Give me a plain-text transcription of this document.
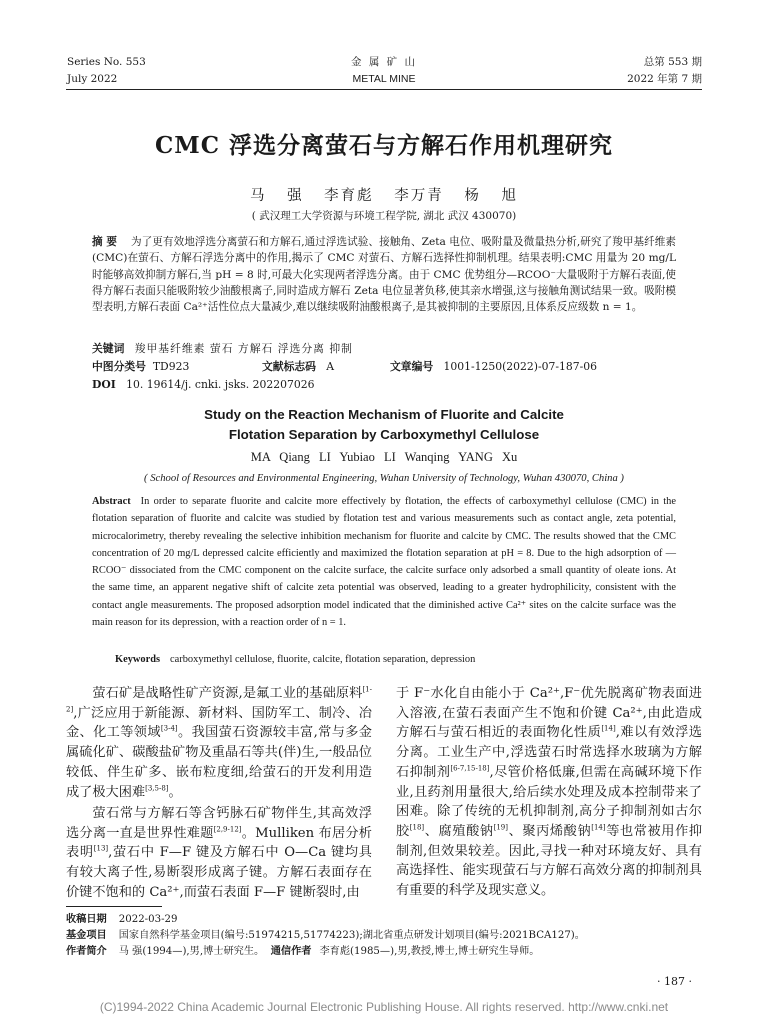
Series No. 553
July 2022
金 属 矿 山
METAL MINE
总第 553 期
2022 年第 7 期
CMC 浮选分离萤石与方解石作用机理研究
马 强 李育彪 李万青 杨 旭
( 武汉理工大学资源与环境工程学院, 湖北 武汉 430070)
摘 要 为了更有效地浮选分离萤石和方解石,通过浮选试验、接触角、Zeta 电位、吸附量及微量热分析,研究了羧甲基纤维素(CMC)在萤石、方解石浮选分离中的作用,揭示了 CMC 对萤石、方解石选择性抑制机理。结果表明:CMC 用量为 20 mg/L 时能够高效抑制方解石,当 pH = 8 时,可最大化实现两者浮选分离。由于 CMC 优势组分—RCOO⁻大量吸附于方解石表面,使得方解石表面只能吸附较少油酸根离子,同时造成方解石 Zeta 电位显著负移,使其亲水增强,这与接触角测试结果一致。吸附模型表明,方解石表面 Ca²⁺活性位点大量减少,难以继续吸附油酸根离子,是其被抑制的主要原因,且体系反应级数 n = 1。
关键词 羧甲基纤维素 萤石 方解石 浮选分离 抑制
中图分类号 TD923	文献标志码 A	文章编号 1001-1250(2022)-07-187-06
DOI 10. 19614/j. cnki. jsks. 202207026
Study on the Reaction Mechanism of Fluorite and Calcite Flotation Separation by Carboxymethyl Cellulose
MA Qiang LI Yubiao LI Wanqing YANG Xu
( School of Resources and Environmental Engineering, Wuhan University of Technology, Wuhan 430070, China )
Abstract In order to separate fluorite and calcite more effectively by flotation, the effects of carboxymethyl cellulose (CMC) in the flotation separation of fluorite and calcite was studied by flotation test and various measurements such as contact angle, zeta potential, microcalorimetry, thereby revealing the selective inhibition mechanism for fluorite and calcite by CMC. The results showed that the CMC concentration of 20 mg/L depressed calcite efficiently and maximized the flotation separation at pH = 8. Due to the high adsorption of —RCOO⁻ dissociated from the CMC component on the calcite surface, the calcite surface only adsorbed a small quantity of oleate ions. At the same time, an apparent negative shift of calcite zeta potential was observed, leading to a greater hydrophilicity, consistent with the contact angle measurements. The proposed adsorption model indicated that the diminished active Ca²⁺ sites on the calcite surface was the main reason for its depression, with a reaction order of n = 1.
Keywords carboxymethyl cellulose, fluorite, calcite, flotation separation, depression
萤石矿是战略性矿产资源,是氟工业的基础原料[1-2],广泛应用于新能源、新材料、国防军工、制冷、冶金、化工等领域[3-4]。我国萤石资源较丰富,常与多金属硫化矿、碳酸盐矿物及重晶石等共(伴)生,一般品位较低、伴生矿多、嵌布粒度细,给萤石的开发利用造成了极大困难[3,5-8]。
萤石常与方解石等含钙脉石矿物伴生,其高效浮选分离一直是世界性难题[2,9-12]。Mulliken 布居分析表明[13],萤石中 F—F 键及方解石中 O—Ca 键均具有较大离子性,易断裂形成离子键。方解石表面存在价键不饱和的 Ca²⁺,而萤石表面 F—F 键断裂时,由
于 F⁻水化自由能小于 Ca²⁺,F⁻优先脱离矿物表面进入溶液,在萤石表面产生不饱和价键 Ca²⁺,由此造成方解石与萤石相近的表面物化性质[14],难以有效浮选分离。工业生产中,浮选萤石时常选择水玻璃为方解石抑制剂[6-7,15-18],尽管价格低廉,但需在高碱环境下作业,且药剂用量很大,给后续水处理及成本控制带来了困难。除了传统的无机抑制剂,高分子抑制剂如古尔胶[18]、腐殖酸钠[19]、聚丙烯酸钠[14]等也常被用作抑制剂,但效果较差。因此,寻找一种对环境友好、具有高选择性、能实现萤石与方解石高效分离的抑制剂具有重要的科学及现实意义。
收稿日期 2022-03-29
基金项目 国家自然科学基金项目(编号:51974215,51774223);湖北省重点研发计划项目(编号:2021BCA127)。
作者简介 马 强(1994—),男,博士研究生。 通信作者 李育彪(1985—),男,教授,博士,博士研究生导师。
· 187 ·
(C)1994-2022 China Academic Journal Electronic Publishing House. All rights reserved. http://www.cnki.net
